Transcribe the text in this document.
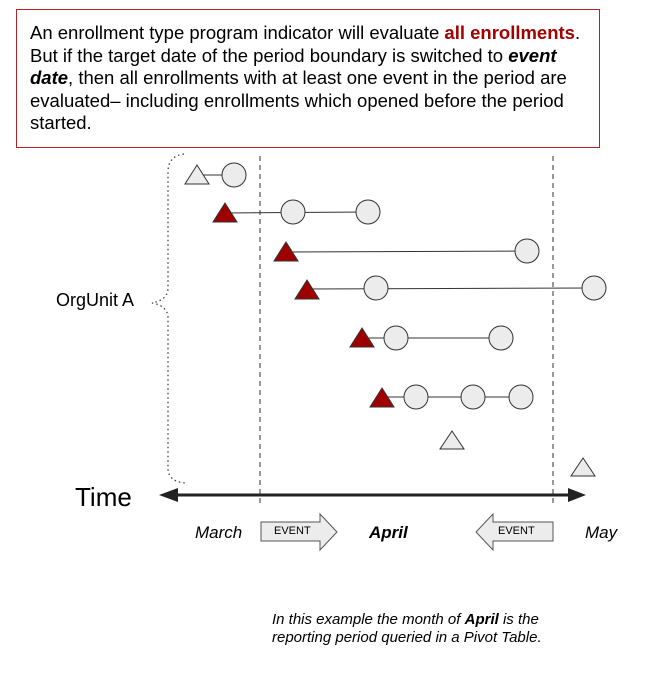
An enrollment type program indicator will evaluate all enrollments. But if the target date of the period boundary is switched to event date, then all enrollments with at least one event in the period are evaluated– including enrollments which opened before the period started.

EVENT	EVENT
OrgUnit A
Time
March	April	May
In this example the month of April is the
reporting period queried in a Pivot Table.
